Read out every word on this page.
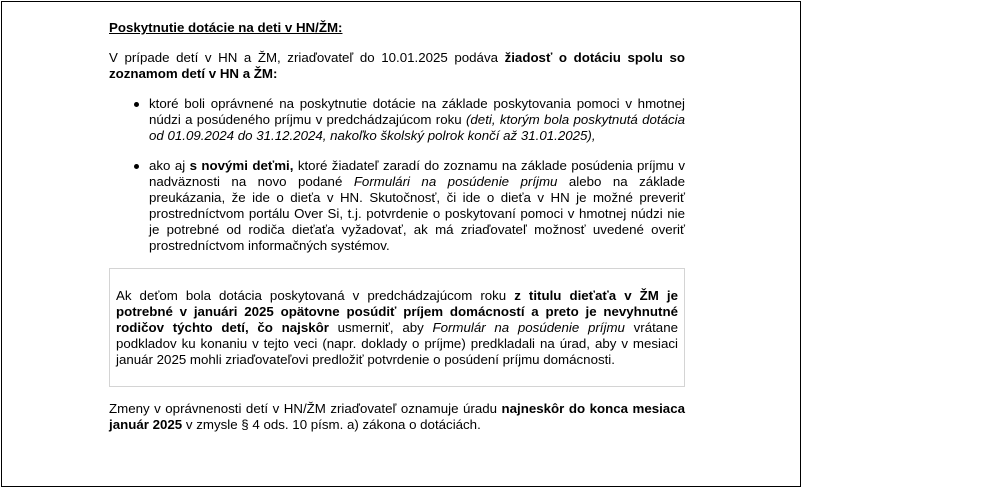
Poskytnutie dotácie na deti v HN/ŽM:

V prípade detí v HN a ŽM, zriaďovateľ do 10.01.2025 podáva žiadosť o dotáciu spolu so zoznamom detí v HN a ŽM:

ktoré boli oprávnené na poskytnutie dotácie na základe poskytovania pomoci v hmotnej núdzi a posúdeného príjmu v predchádzajúcom roku (deti, ktorým bola poskytnutá dotácia od 01.09.2024 do 31.12.2024, nakoľko školský polrok končí až 31.01.2025),
ako aj s novými deťmi, ktoré žiadateľ zaradí do zoznamu na základe posúdenia príjmu v nadväznosti na novo podané Formulári na posúdenie príjmu alebo na základe preukázania, že ide o dieťa v HN. Skutočnosť, či ide o dieťa v HN je možné preveriť prostredníctvom portálu Over Si, t.j. potvrdenie o poskytovaní pomoci v hmotnej núdzi nie je potrebné od rodiča dieťaťa vyžadovať, ak má zriaďovateľ možnosť uvedené overiť prostredníctvom informačných systémov.

Ak deťom bola dotácia poskytovaná v predchádzajúcom roku z titulu dieťaťa v ŽM je potrebné v januári 2025 opätovne posúdiť príjem domácností a preto je nevyhnutné rodičov týchto detí, čo najskôr usmerniť, aby Formulár na posúdenie príjmu vrátane podkladov ku konaniu v tejto veci (napr. doklady o príjme) predkladali na úrad, aby v mesiaci január 2025 mohli zriaďovateľovi predložiť potvrdenie o posúdení príjmu domácnosti.

Zmeny v oprávnenosti detí v HN/ŽM zriaďovateľ oznamuje úradu najneskôr do konca mesiaca január 2025 v zmysle § 4 ods. 10 písm. a) zákona o dotáciách.
